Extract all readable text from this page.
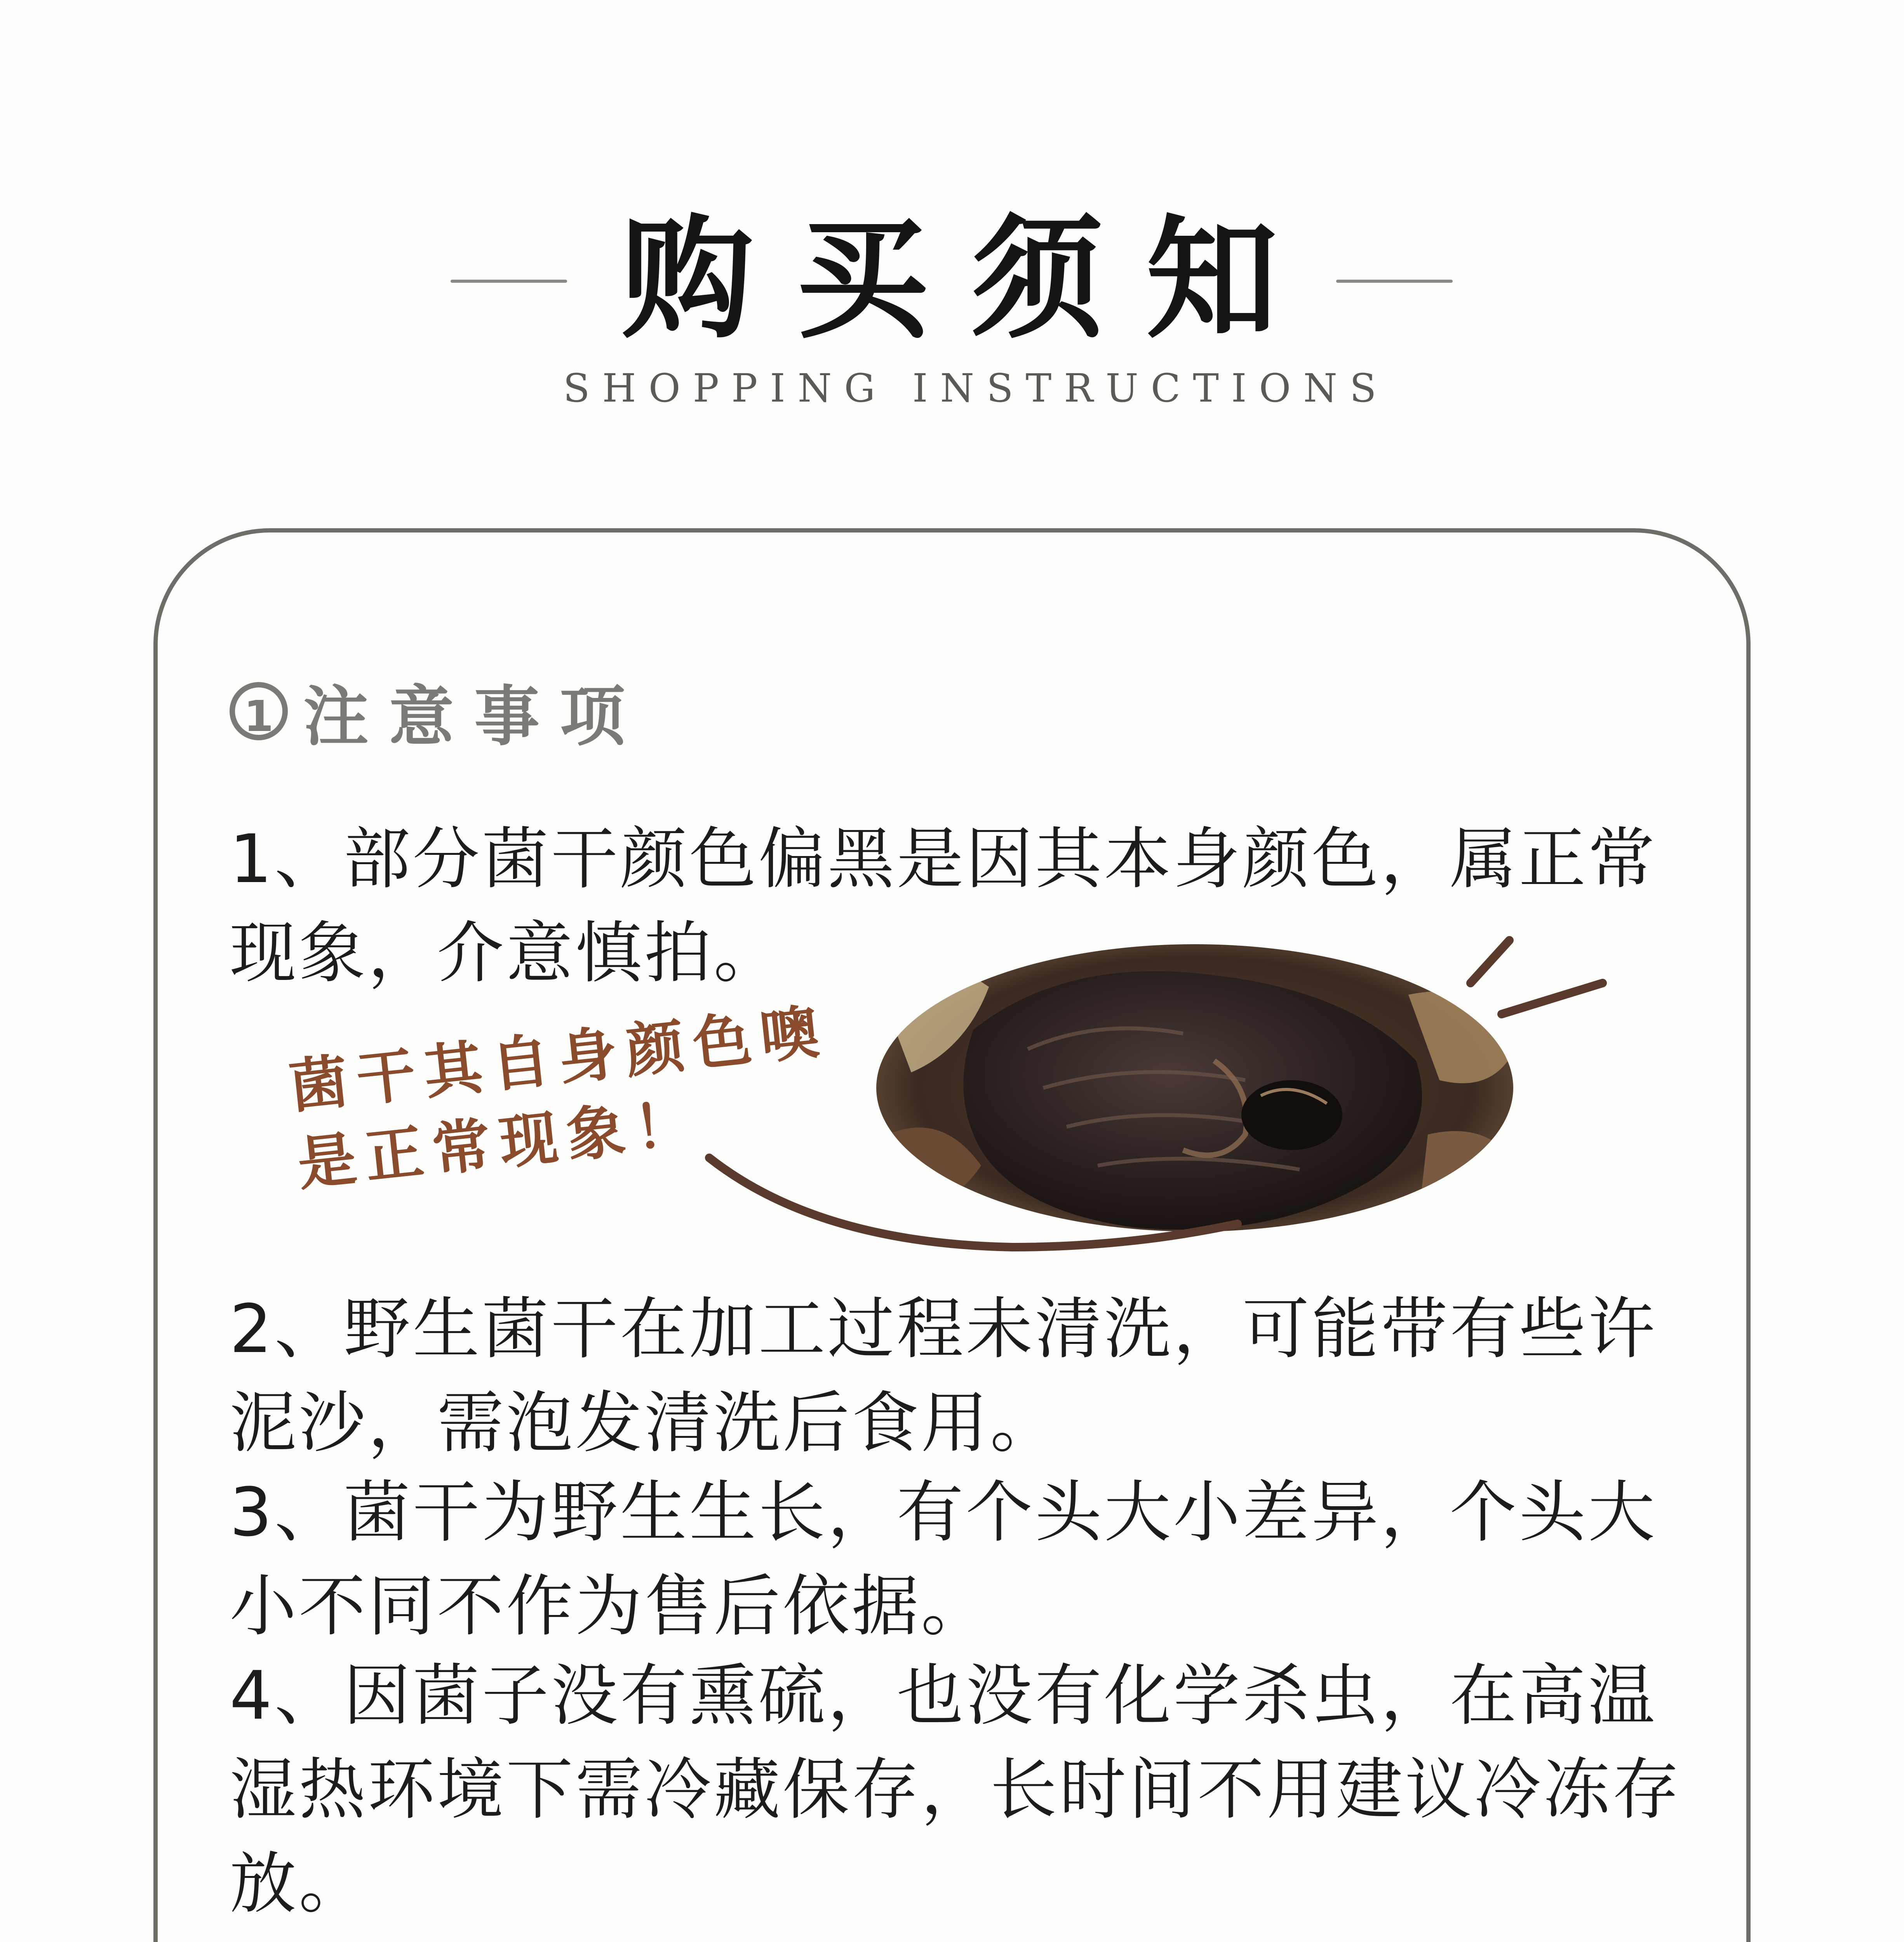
购买须知
SHOPPING INSTRUCTIONS
1 注意事项
1、部分菌干颜色偏黑是因其本身颜色，属正常现象，介意慎拍。
菌干其自身颜色噢
是正常现象！
2、野生菌干在加工过程未清洗，可能带有些许泥沙，需泡发清洗后食用。
3、菌干为野生生长，有个头大小差异，个头大小不同不作为售后依据。
4、因菌子没有熏硫，也没有化学杀虫，在高温湿热环境下需冷藏保存，长时间不用建议冷冻存放。
